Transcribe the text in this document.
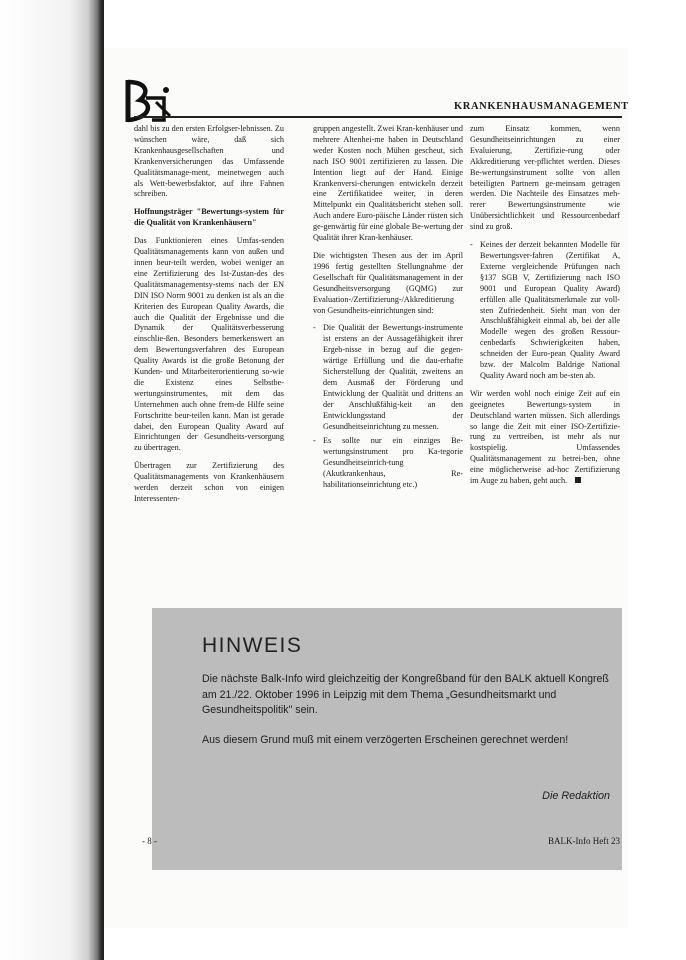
KRANKENHAUSMANAGEMENT

dahl bis zu den ersten Erfolgser-lebnissen. Zu wünschen wäre, daß sich Krankenhausgesellschaften und Krankenversicherungen das Umfassende Qualitätsmanage-ment, meinetwegen auch als Wett-bewerbsfaktor, auf ihre Fahnen schreiben.

Hoffnungsträger "Bewertungs-system für die Qualität von Krankenhäusern"

Das Funktionieren eines Umfas-senden Qualitätsmanagements kann von außen und innen beur-teilt werden, wobei weniger an eine Zertifizierung des Ist-Zustan-des des Qualitätsmanagementsy-stems nach der EN DIN ISO Norm 9001 zu denken ist als an die Kriterien des European Quality Awards, die auch die Qualität der Ergebnisse und die Dynamik der Qualitätsverbesserung einschlie-ßen. Besonders bemerkenswert an dem Bewertungsverfahren des European Quality Awards ist die große Betonung der Kunden- und Mitarbeiterorientierung so-wie die Existenz eines Selbstbe-wertungsinstrumentes, mit dem das Unternehmen auch ohne frem-de Hilfe seine Fortschritte beur-teilen kann. Man ist gerade dabei, den European Quality Award auf Einrichtungen der Gesundheits-versorgung zu übertragen.

Übertragen zur Zertifizierung des Qualitätsmanagements von Krankenhäusern werden derzeit schon von einigen Interessenten-

gruppen angestellt. Zwei Kran-kenhäuser und mehrere Altenhei-me haben in Deutschland weder Kosten noch Mühen gescheut, sich nach ISO 9001 zertifizieren zu lassen. Die Intention liegt auf der Hand. Einige Krankenversi-cherungen entwickeln derzeit eine Zertifikatidee weiter, in deren Mittelpunkt ein Qualitätsbericht stehen soll. Auch andere Euro-päische Länder rüsten sich ge-genwärtig für eine globale Be-wertung der Qualität ihrer Kran-kenhäuser.

Die wichtigsten Thesen aus der im April 1996 fertig gestellten Stellungnahme der Gesellschaft für Qualitätsmanagement in der Gesundheitsversorgung (GQMG) zur Evaluation-/Zertifizierung-/Akkreditierung von Gesundheits-einrichtungen sind:

- Die Qualität der Bewertungs-instrumente ist erstens an der Aussagefähigkeit ihrer Ergeb-nisse in bezug auf die gegen-wärtige Erfüllung und die dau-erhafte Sicherstellung der Qualität, zweitens an dem Ausmaß der Förderung und Entwicklung der Qualität und drittens an der Anschlußfähig-keit an den Entwicklungsstand der Gesundheitseinrichtung zu messen.
- Es sollte nur ein einziges Be-wertungsinstrument pro Ka-tegorie Gesundheitseinrich-tung (Akutkrankenhaus, Re-habilitationseinrichtung etc.)

zum Einsatz kommen, wenn Gesundheitseinrichtungen zu einer Evaluierung, Zertifizie-rung oder Akkreditierung ver-pflichtet werden. Dieses Be-wertungsinstrument sollte von allen beteiligten Partnern ge-meinsam getragen werden. Die Nachteile des Einsatzes meh-rerer Bewertungsinstrumente wie Unübersichtlichkeit und Ressourcenbedarf sind zu groß.

- Keines der derzeit bekannten Modelle für Bewertungsver-fahren (Zertifikat A, Externe vergleichende Prüfungen nach §137 SGB V, Zertifizierung nach ISO 9001 und European Quality Award) erfüllen alle Qualitätsmerkmale zur voll-sten Zufriedenheit. Sieht man von der Anschlußfähigkeit einmal ab, bei der alle Modelle wegen des großen Ressour-cenbedarfs Schwierigkeiten haben, schneiden der Euro-pean Quality Award bzw. der Malcolm Baldrige National Quality Award noch am be-sten ab.

Wir werden wohl noch einige Zeit auf ein geeignetes Bewertungs-system in Deutschland warten müssen. Sich allerdings so lange die Zeit mit einer ISO-Zertifizie-rung zu vertreiben, ist mehr als nur kostspielig. Umfassendes Qualitätsmanagement zu betrei-ben, ohne eine möglicherweise ad-hoc Zertifizierung im Auge zu haben, geht auch.

HINWEIS

Die nächste Balk-Info wird gleichzeitig der Kongreßband für den BALK aktuell Kongreß am 21./22. Oktober 1996 in Leipzig mit dem Thema „Gesundheitsmarkt und Gesundheitspolitik" sein.

Aus diesem Grund muß mit einem verzögerten Erscheinen gerechnet werden!

Die Redaktion
- 8 -	BALK-Info Heft 23
